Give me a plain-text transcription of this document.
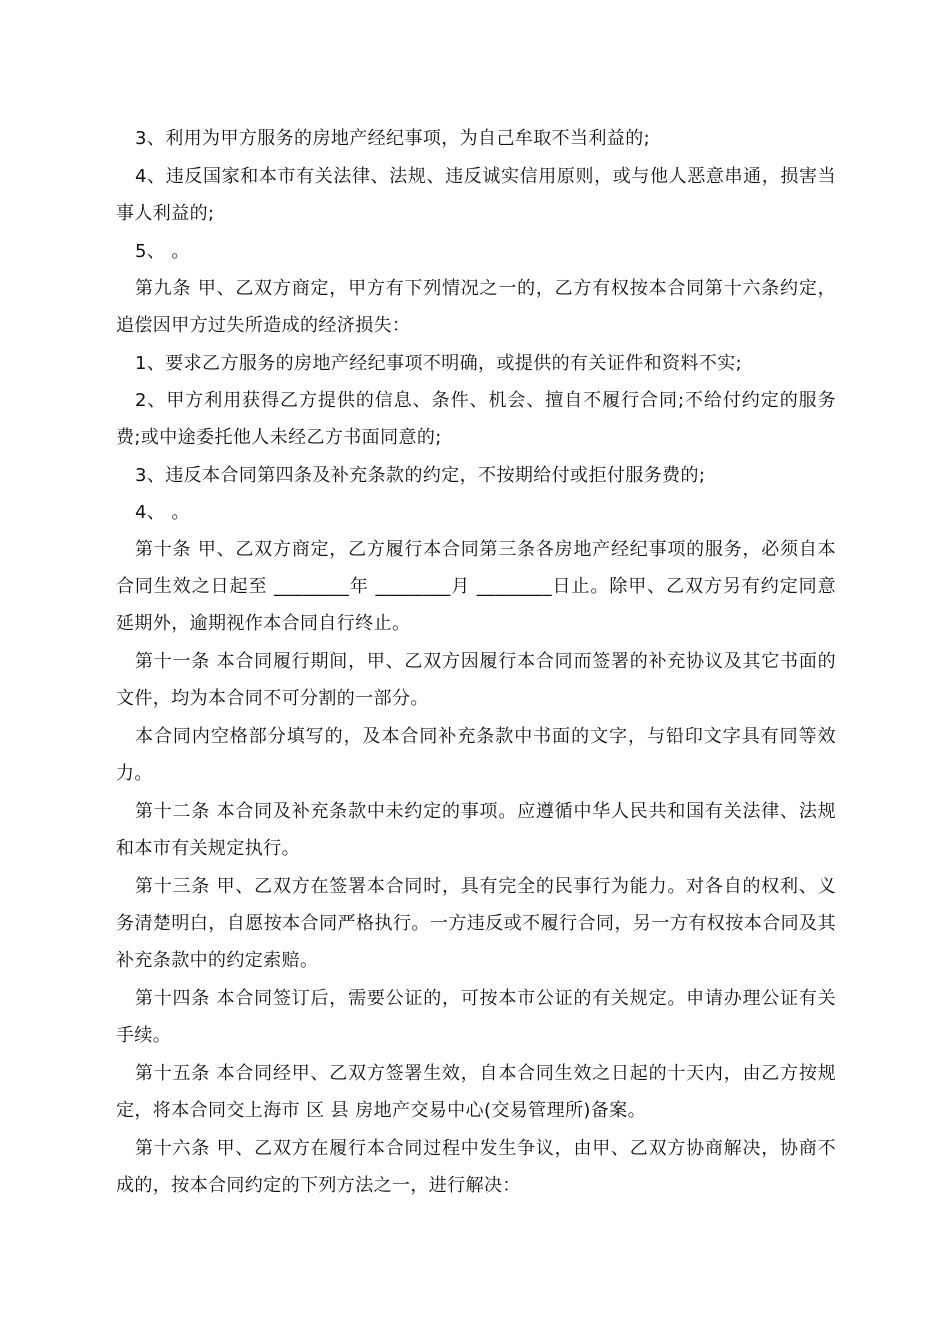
3、利用为甲方服务的房地产经纪事项，为自己牟取不当利益的;

4、违反国家和本市有关法律、法规、违反诚实信用原则，或与他人恶意串通，损害当事人利益的;

5、 。

第九条 甲、乙双方商定，甲方有下列情况之一的，乙方有权按本合同第十六条约定，追偿因甲方过失所造成的经济损失：

1、要求乙方服务的房地产经纪事项不明确，或提供的有关证件和资料不实;

2、甲方利用获得乙方提供的信息、条件、机会、擅自不履行合同;不给付约定的服务费;或中途委托他人未经乙方书面同意的;

3、违反本合同第四条及补充条款的约定，不按期给付或拒付服务费的;

4、 。

第十条 甲、乙双方商定，乙方履行本合同第三条各房地产经纪事项的服务，必须自本合同生效之日起至 ________年 ________月 ________日止。除甲、乙双方另有约定同意延期外，逾期视作本合同自行终止。

第十一条 本合同履行期间，甲、乙双方因履行本合同而签署的补充协议及其它书面的文件，均为本合同不可分割的一部分。

本合同内空格部分填写的，及本合同补充条款中书面的文字，与铅印文字具有同等效力。

第十二条 本合同及补充条款中未约定的事项。应遵循中华人民共和国有关法律、法规和本市有关规定执行。

第十三条 甲、乙双方在签署本合同时，具有完全的民事行为能力。对各自的权利、义务清楚明白，自愿按本合同严格执行。一方违反或不履行合同，另一方有权按本合同及其补充条款中的约定索赔。

第十四条 本合同签订后，需要公证的，可按本市公证的有关规定。申请办理公证有关手续。

第十五条 本合同经甲、乙双方签署生效，自本合同生效之日起的十天内，由乙方按规定，将本合同交上海市 区 县 房地产交易中心(交易管理所)备案。

第十六条 甲、乙双方在履行本合同过程中发生争议，由甲、乙双方协商解决，协商不成的，按本合同约定的下列方法之一，进行解决：
